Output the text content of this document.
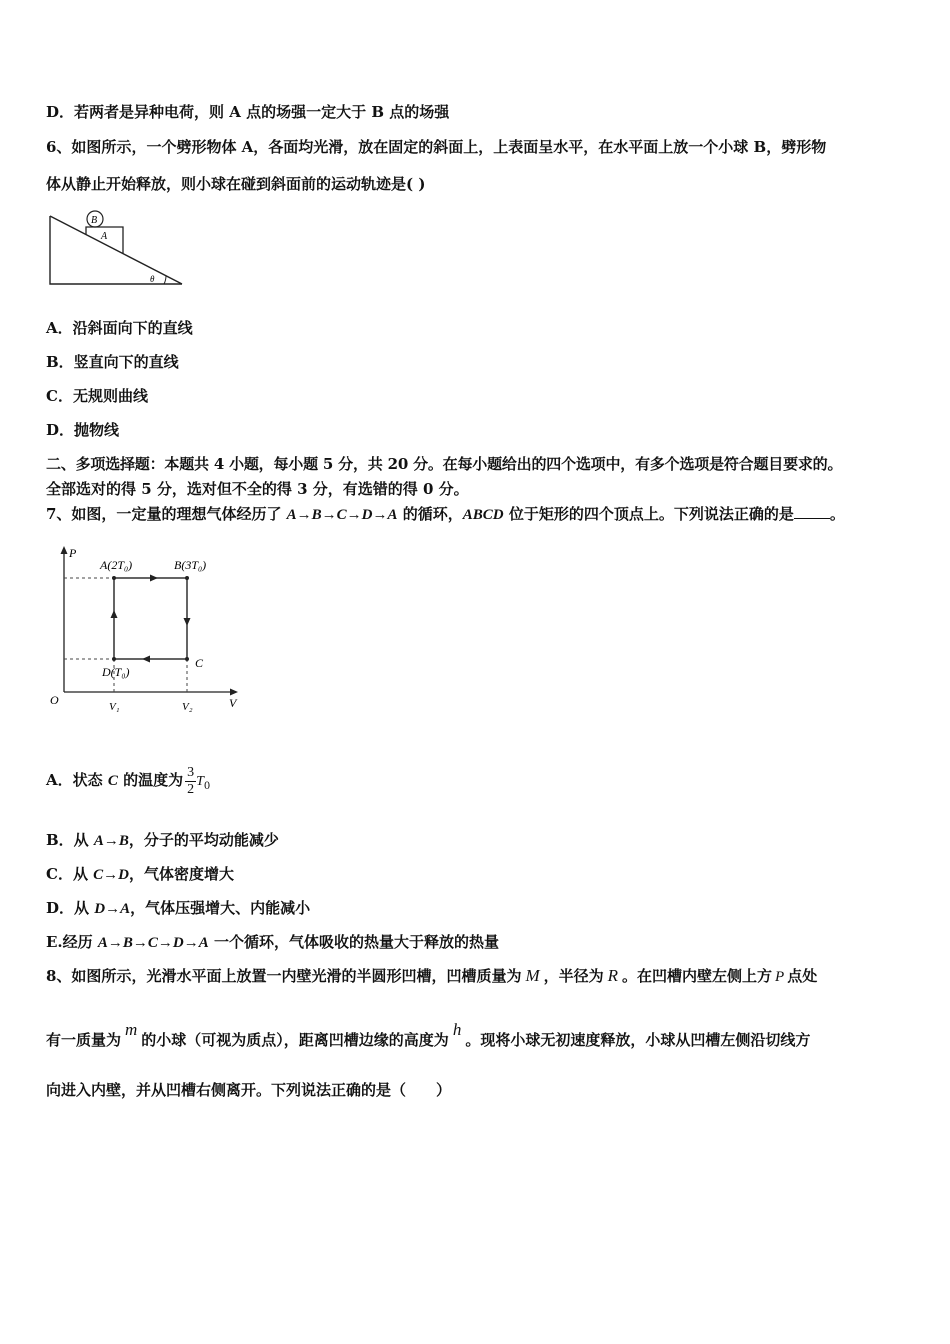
D．若两者是异种电荷，则 A 点的场强一定大于 B 点的场强
6、如图所示，一个劈形物体 A，各面均光滑，放在固定的斜面上，上表面呈水平，在水平面上放一个小球 B，劈形物
体从静止开始释放，则小球在碰到斜面前的运动轨迹是( )
B
A
θ
A．沿斜面向下的直线
B．竖直向下的直线
C．无规则曲线
D．抛物线
二、多项选择题：本题共 4 小题，每小题 5 分，共 20 分。在每小题给出的四个选项中，有多个选项是符合题目要求的。
全部选对的得 5 分，选对但不全的得 3 分，有选错的得 0 分。
7、如图，一定量的理想气体经历了 A→B→C→D→A 的循环，ABCD 位于矩形的四个顶点上。下列说法正确的是 。
P
V
O
A(2T₀)	B(3T₀)
C
D(T₀)
V₁	V₂
A．状态 C 的温度为 $\frac{3}{2} T_0$
B．从 A→B，分子的平均动能减少
C．从 C→D，气体密度增大
D．从 D→A，气体压强增大、内能减小
E.经历 A→B→C→D→A 一个循环，气体吸收的热量大于释放的热量
8、如图所示，光滑水平面上放置一内壁光滑的半圆形凹槽，凹槽质量为 M ，半径为 R 。在凹槽内壁左侧上方 P 点处
有一质量为m的小球（可视为质点），距离凹槽边缘的高度为h。现将小球无初速度释放，小球从凹槽左侧沿切线方
向进入内壁，并从凹槽右侧离开。下列说法正确的是（　　）
